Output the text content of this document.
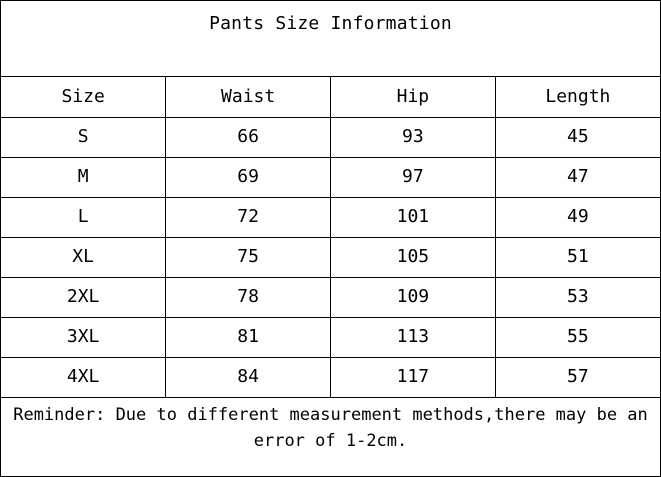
Pants Size Information
Size	Waist	Hip	Length
S	66	93	45
M	69	97	47
L	72	101	49
XL	75	105	51
2XL	78	109	53
3XL	81	113	55
4XL	84	117	57
Reminder: Due to different measurement methods,there may be an error of 1-2cm.
